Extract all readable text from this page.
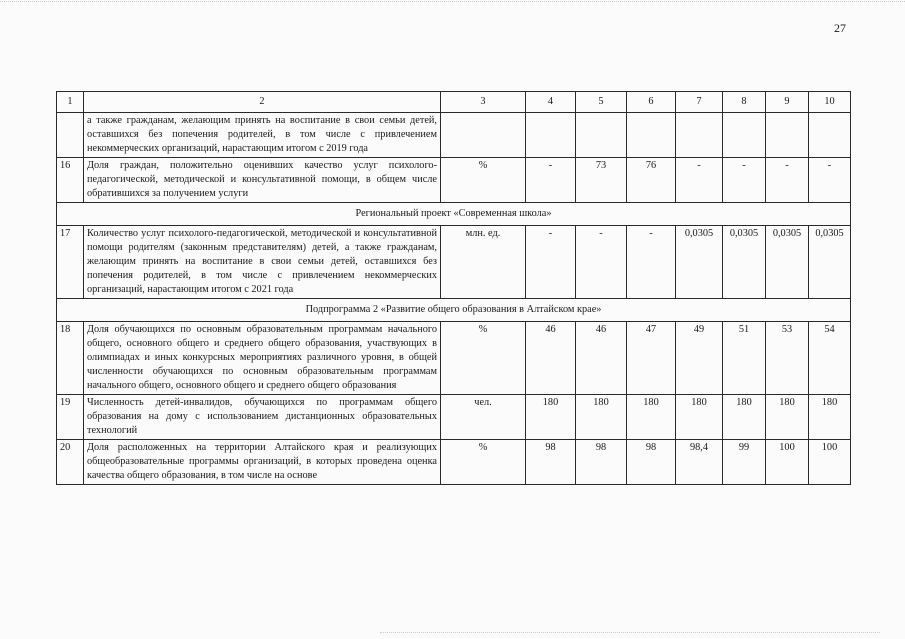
27
1	2	3	4	5	6	7	8	9	10
	а также гражданам, желающим принять на воспитание в свои семьи детей, оставшихся без попечения родителей, в том числе с привлечением некоммерческих организаций, нарастающим итогом с 2019 года								
16	Доля граждан, положительно оценивших качество услуг психолого-педагогической, методической и консультативной помощи, в общем числе обратившихся за получением услуги	%	-	73	76	-	-	-	-
Региональный проект «Современная школа»									
17	Количество услуг психолого-педагогической, методической и консультативной помощи родителям (законным представителям) детей, а также гражданам, желающим принять на воспитание в свои семьи детей, оставшихся без попечения родителей, в том числе с привлечением некоммерческих организаций, нарастающим итогом с 2021 года	млн. ед.	-	-	-	0,0305	0,0305	0,0305	0,0305
Подпрограмма 2 «Развитие общего образования в Алтайском крае»									
18	Доля обучающихся по основным образовательным программам начального общего, основного общего и среднего общего образования, участвующих в олимпиадах и иных конкурсных мероприятиях различного уровня, в общей численности обучающихся по основным образовательным программам начального общего, основного общего и среднего общего образования	%	46	46	47	49	51	53	54
19	Численность детей-инвалидов, обучающихся по программам общего образования на дому с использованием дистанционных образовательных технологий	чел.	180	180	180	180	180	180	180
20	Доля расположенных на территории Алтайского края и реализующих общеобразовательные программы организаций, в которых проведена оценка качества общего образования, в том числе на основе	%	98	98	98	98,4	99	100	100
